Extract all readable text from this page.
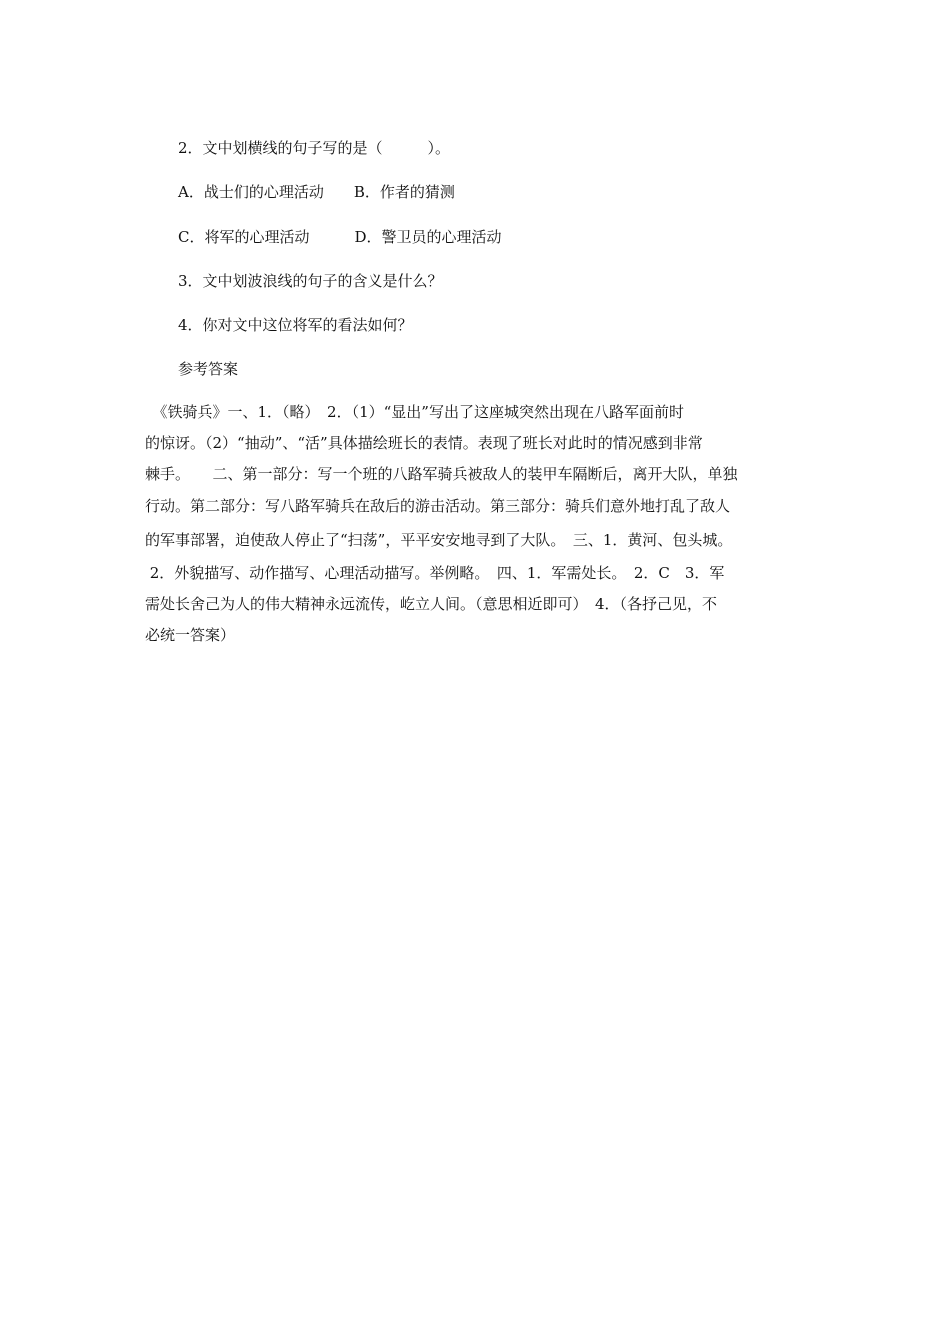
2．文中划横线的句子写的是（　　　）。
A．战士们的心理活动　　B．作者的猜测
C．将军的心理活动　　　D．警卫员的心理活动
3．文中划波浪线的句子的含义是什么？
4．你对文中这位将军的看法如何？
参考答案
　《铁骑兵》一、1．（略）　2．（1）“显出”写出了这座城突然出现在八路军面前时
的惊讶。（2）“抽动”、“活”具体描绘班长的表情。表现了班长对此时的情况感到非常
棘手。　　二、第一部分：写一个班的八路军骑兵被敌人的装甲车隔断后，离开大队，单独
行动。第二部分：写八路军骑兵在敌后的游击活动。第三部分：骑兵们意外地打乱了敌人
的军事部署，迫使敌人停止了“扫荡”，平平安安地寻到了大队。　三、1．黄河、包头城。
2．外貌描写、动作描写、心理活动描写。举例略。　四、1．军需处长。　2．C　3．军
需处长舍己为人的伟大精神永远流传，屹立人间。（意思相近即可）　4．（各抒己见，不
必统一答案）
